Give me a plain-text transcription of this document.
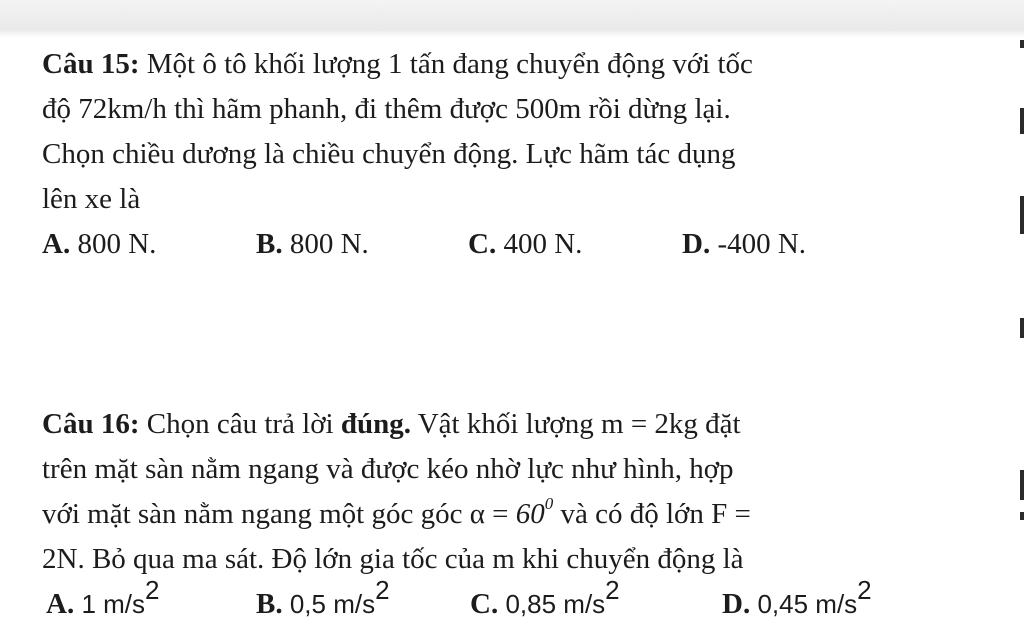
Câu 15: Một ô tô khối lượng 1 tấn đang chuyển động với tốc

độ 72km/h thì hãm phanh, đi thêm được 500m rồi dừng lại.

Chọn chiều dương là chiều chuyển động. Lực hãm tác dụng

lên xe là

A. 800 N.	B. 800 N.	C. 400 N.	D. -400 N.

Câu 16: Chọn câu trả lời đúng. Vật khối lượng m = 2kg đặt

trên mặt sàn nằm ngang và được kéo nhờ lực như hình, hợp

với mặt sàn nằm ngang một góc góc $\alpha = 60^0$ và có độ lớn F =

2N. Bỏ qua ma sát. Độ lớn gia tốc của m khi chuyển động là

A. 1 $m/s^2$	B. 0,5 $m/s^2$	C. 0,85 $m/s^2$	D. 0,45 $m/s^2$
